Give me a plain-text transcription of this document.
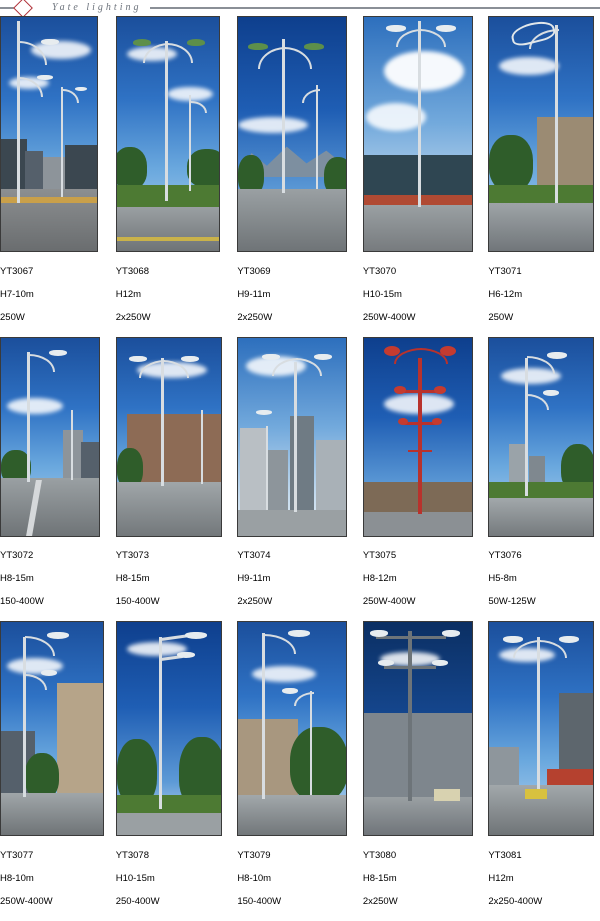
Yate lighting

YT3067

H7-10m

250W

YT3068

H12m

2x250W

YT3069

H9-11m

2x250W

YT3070

H10-15m

250W-400W

YT3071

H6-12m

250W

YT3072

H8-15m

150-400W

YT3073

H8-15m

150-400W

YT3074

H9-11m

2x250W

YT3075

H8-12m

250W-400W

YT3076

H5-8m

50W-125W

YT3077

H8-10m

250W-400W

YT3078

H10-15m

250-400W

YT3079

H8-10m

150-400W

YT3080

H8-15m

2x250W

YT3081

H12m

2x250-400W
